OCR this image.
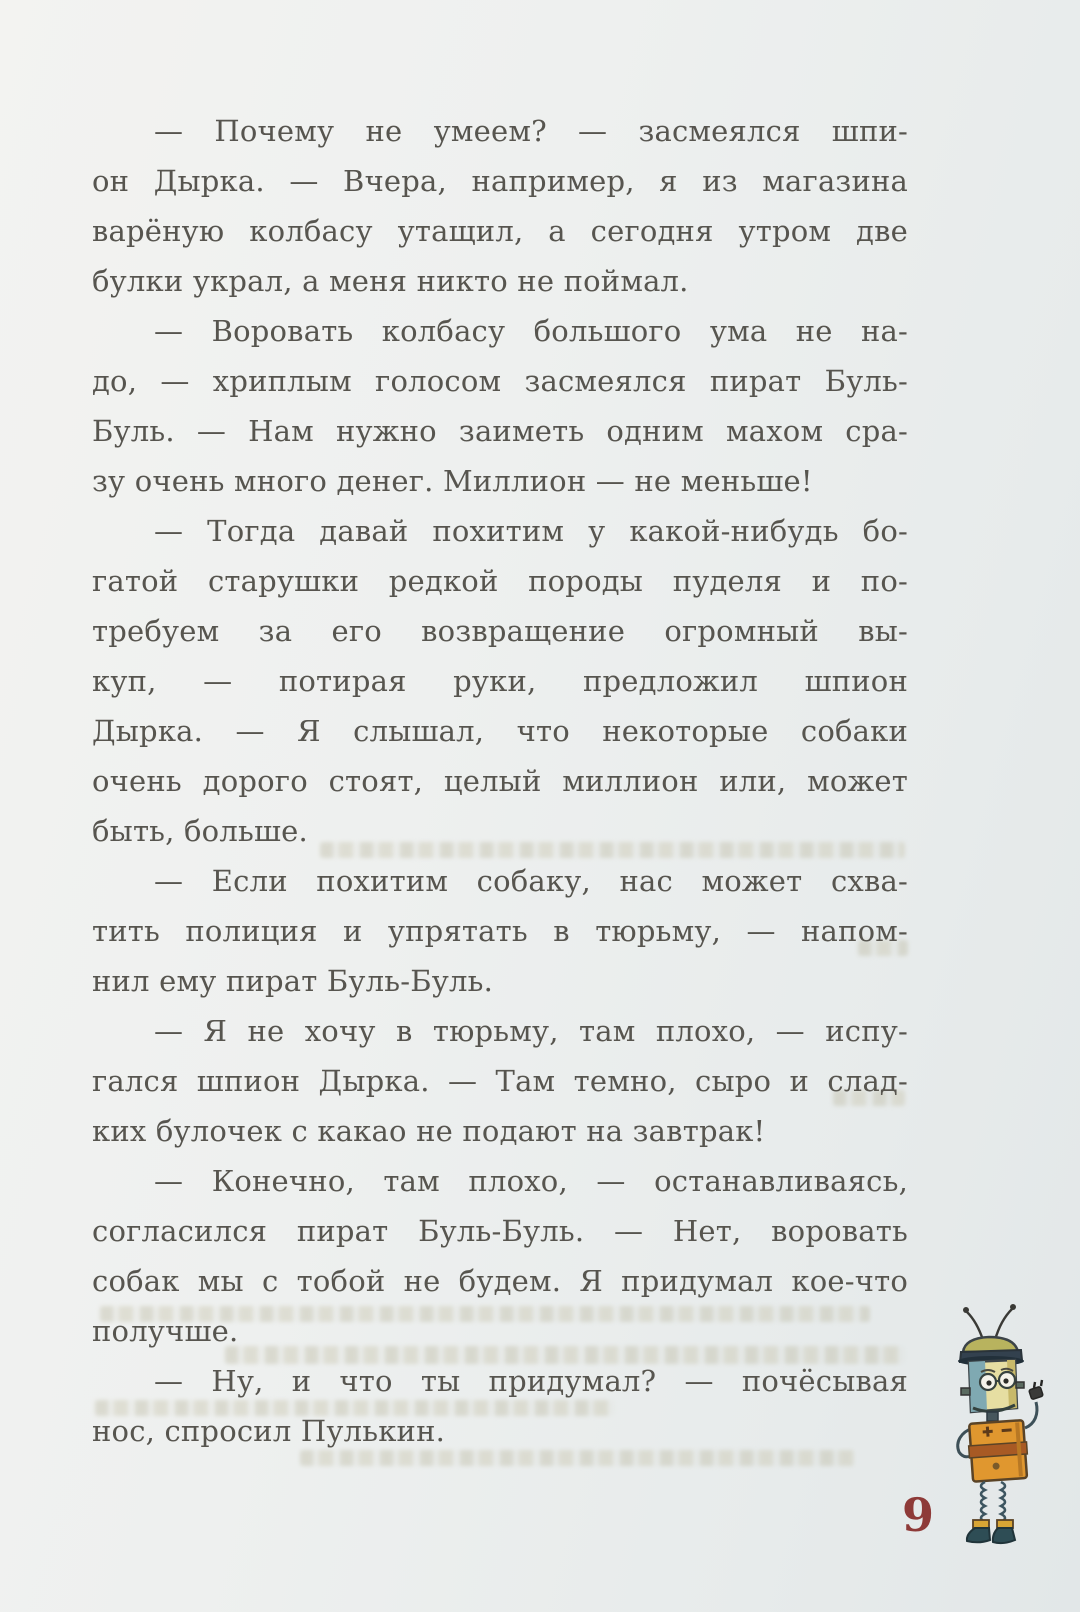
— Почему не умеем? — засмеялся шпи-
он Дырка. — Вчера, например, я из магазина
варёную колбасу утащил, а сегодня утром две
булки украл, а меня никто не поймал.
— Воровать колбасу большого ума не на-
до, — хриплым голосом засмеялся пират Буль-
Буль. — Нам нужно заиметь одним махом сра-
зу очень много денег. Миллион — не меньше!
— Тогда давай похитим у какой-нибудь бо-
гатой старушки редкой породы пуделя и по-
требуем за его возвращение огромный вы-
куп, — потирая руки, предложил шпион
Дырка. — Я слышал, что некоторые собаки
очень дорого стоят, целый миллион или, может
быть, больше.
— Если похитим собаку, нас может схва-
тить полиция и упрятать в тюрьму, — напом-
нил ему пират Буль-Буль.
— Я не хочу в тюрьму, там плохо, — испу-
гался шпион Дырка. — Там темно, сыро и слад-
ких булочек с какао не подают на завтрак!
— Конечно, там плохо, — останавливаясь,
согласился пират Буль-Буль. — Нет, воровать
собак мы с тобой не будем. Я придумал кое-что
получше.
— Ну, и что ты придумал? — почёсывая
нос, спросил Пулькин.
9
